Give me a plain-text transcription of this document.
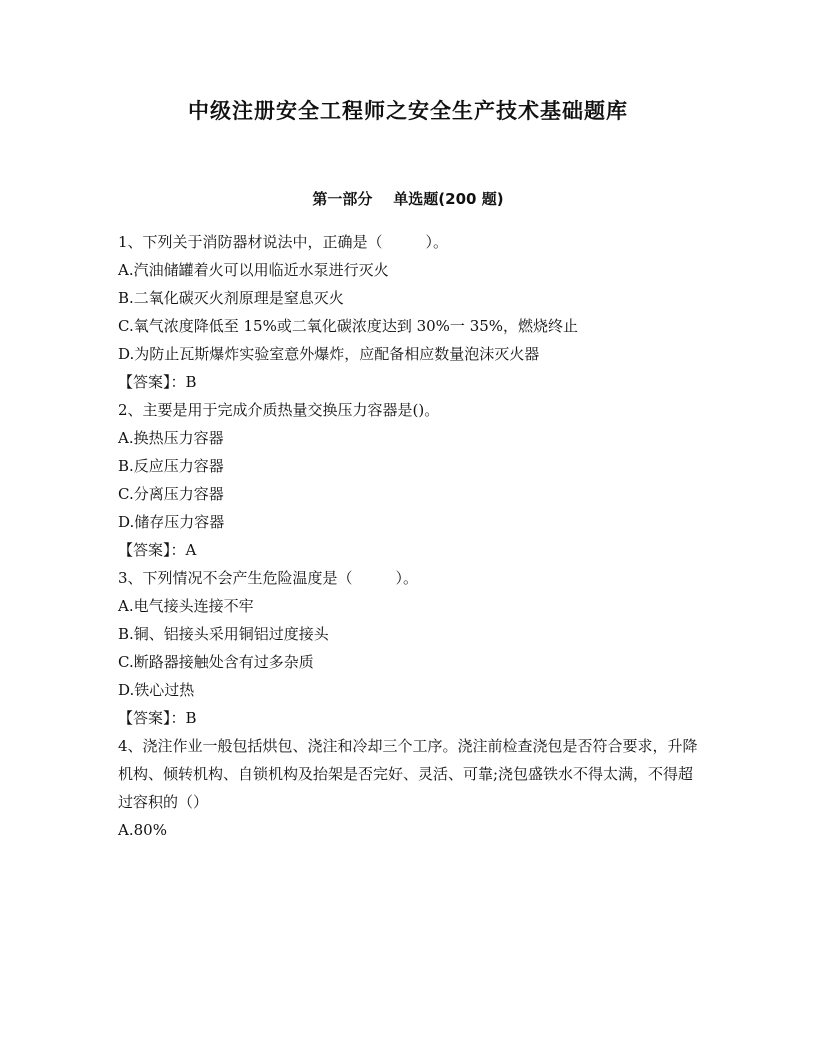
中级注册安全工程师之安全生产技术基础题库
第一部分    单选题(200 题)

1、下列关于消防器材说法中，正确是（         ）。

A.汽油储罐着火可以用临近水泵进行灭火

B.二氧化碳灭火剂原理是窒息灭火

C.氧气浓度降低至 15%或二氧化碳浓度达到 30%一 35%，燃烧终止

D.为防止瓦斯爆炸实验室意外爆炸，应配备相应数量泡沫灭火器

【答案】：B

2、主要是用于完成介质热量交换压力容器是()。

A.换热压力容器

B.反应压力容器

C.分离压力容器

D.储存压力容器

【答案】：A

3、下列情况不会产生危险温度是（         ）。

A.电气接头连接不牢

B.铜、铝接头采用铜铝过度接头

C.断路器接触处含有过多杂质

D.铁心过热

【答案】：B

4、浇注作业一般包括烘包、浇注和冷却三个工序。浇注前检查浇包是否符合要求，升降机构、倾转机构、自锁机构及抬架是否完好、灵活、可靠;浇包盛铁水不得太满，不得超过容积的（）

A.80%
